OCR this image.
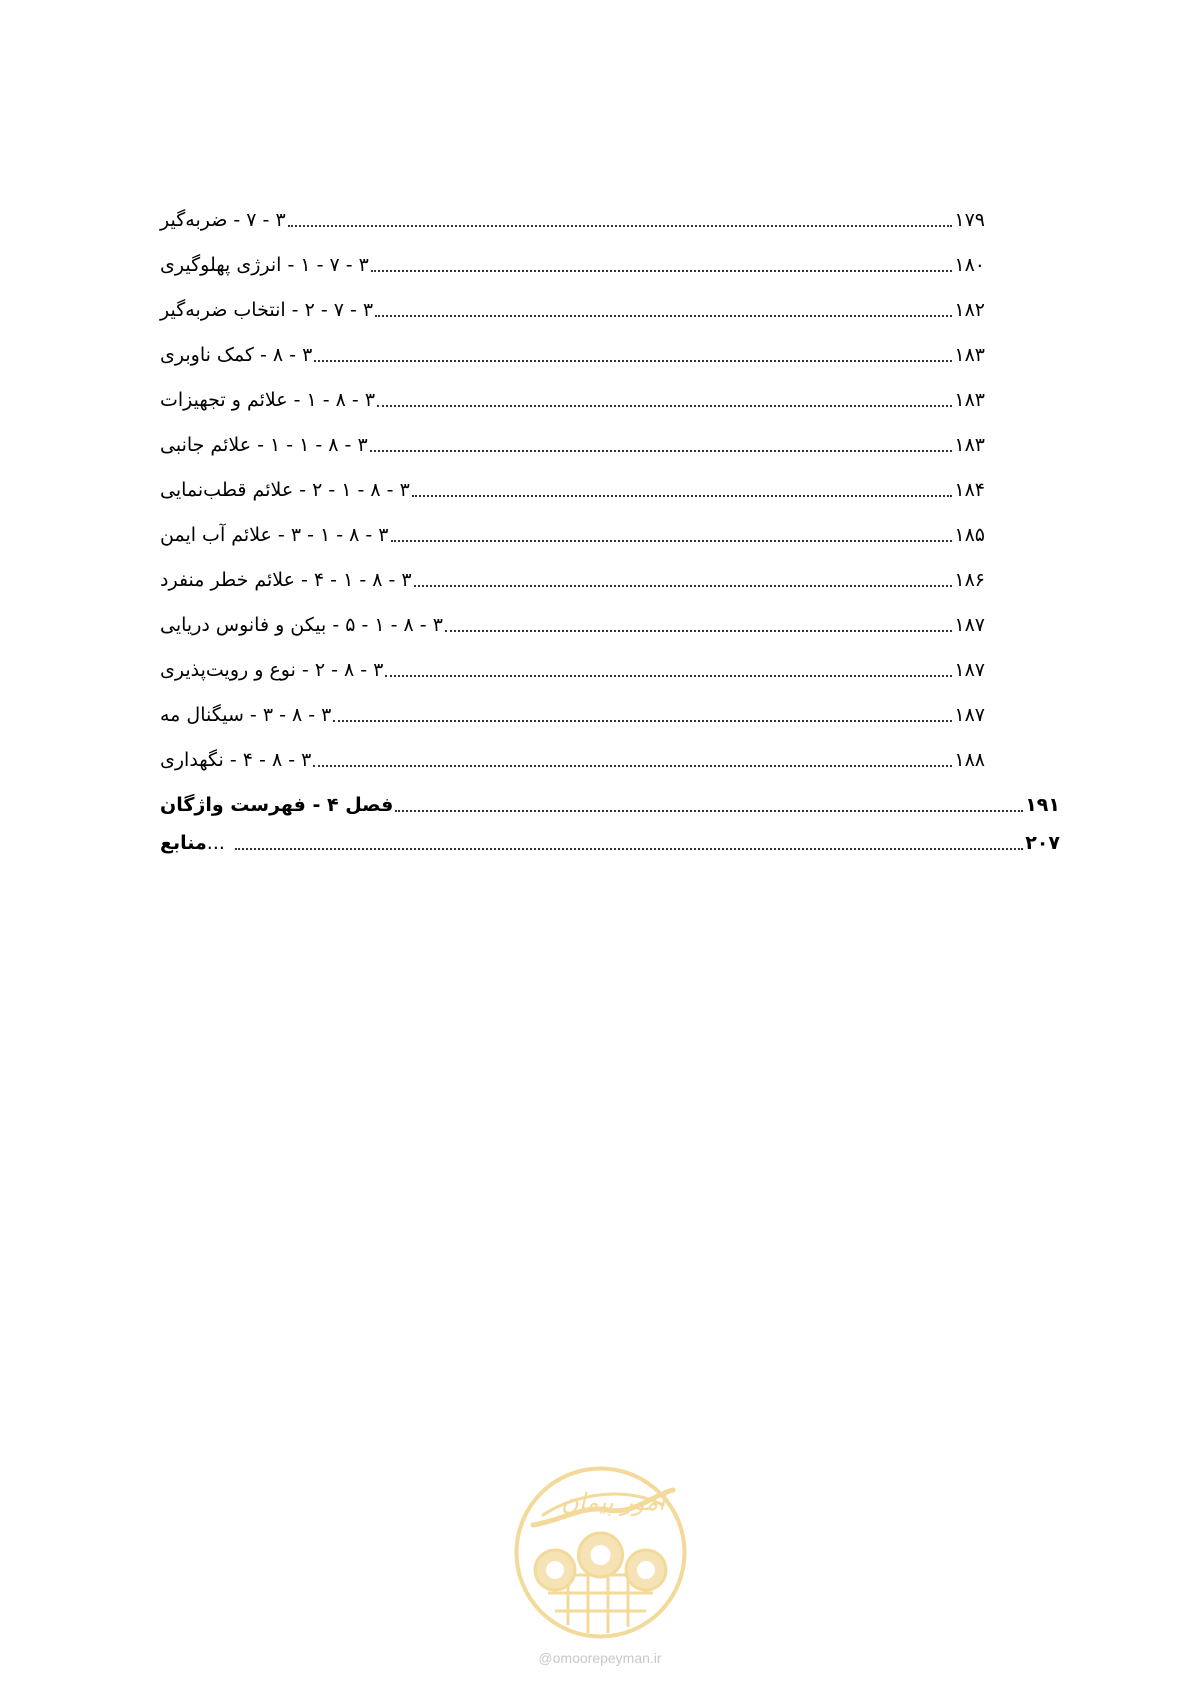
۳ - ۷ - ضربه‌گیر	۱۷۹
۳ - ۷ - ۱ - انرژی پهلوگیری	۱۸۰
۳ - ۷ - ۲ - انتخاب ضربه‌گیر	۱۸۲
۳ - ۸ - کمک ناوبری	۱۸۳
۳ - ۸ - ۱ - علائم و تجهیزات	۱۸۳
۳ - ۸ - ۱ - ۱ - علائم جانبی	۱۸۳
۳ - ۸ - ۱ - ۲ - علائم قطب‌نمایی	۱۸۴
۳ - ۸ - ۱ - ۳ - علائم آب ایمن	۱۸۵
۳ - ۸ - ۱ - ۴ - علائم خطر منفرد	۱۸۶
۳ - ۸ - ۱ - ۵ - بیکن و فانوس دریایی	۱۸۷
۳ - ۸ - ۲ - نوع و رویت‌پذیری	۱۸۷
۳ - ۸ - ۳ - سیگنال مه	۱۸۷
۳ - ۸ - ۴ - نگهداری	۱۸۸
فصل ۴ - فهرست واژگان	۱۹۱
منابع ...	۲۰۷
امور پیمان
@omoorepeyman.ir
